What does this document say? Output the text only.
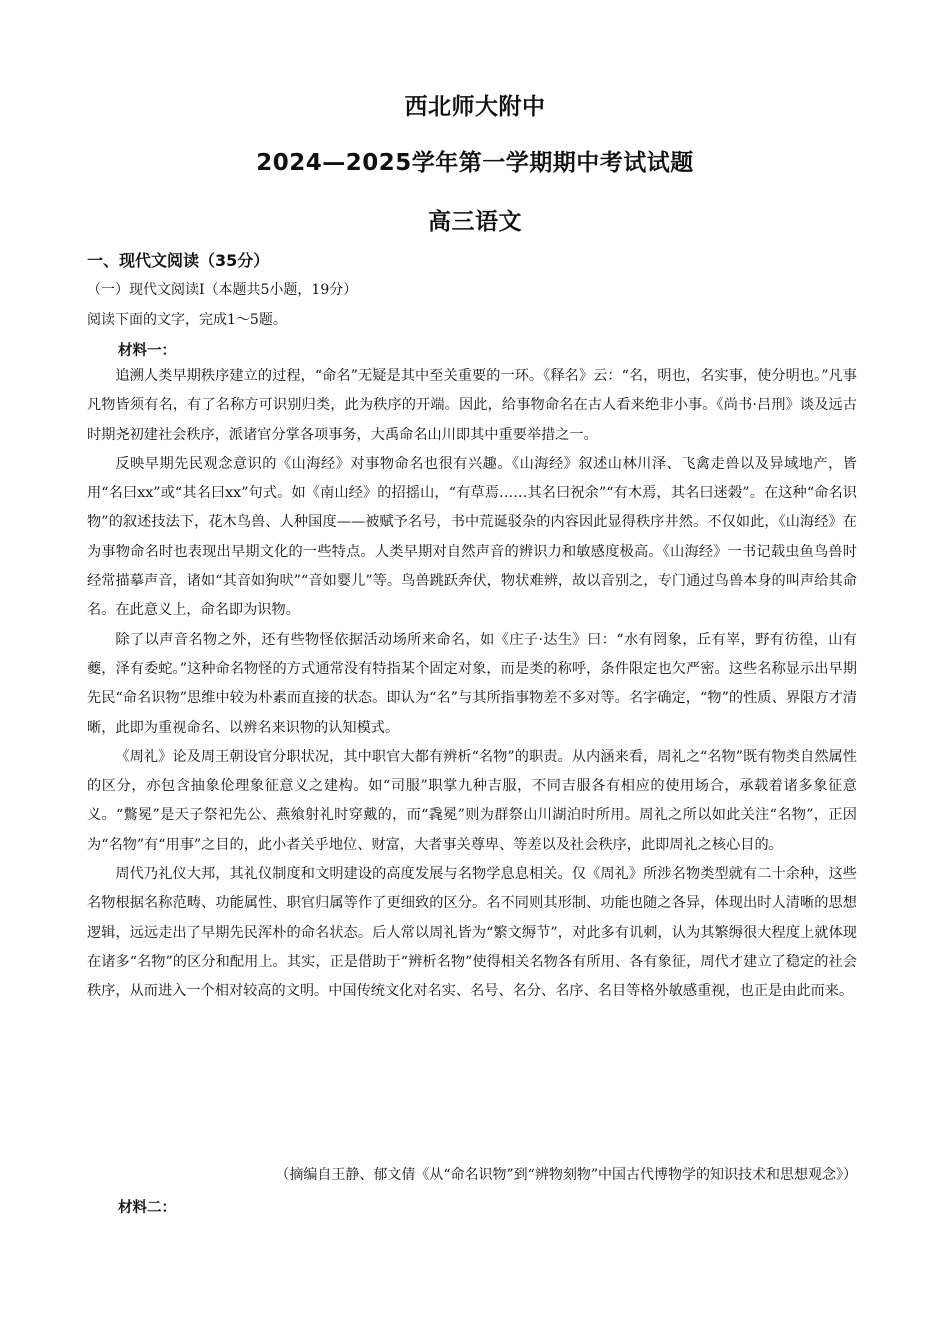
西北师大附中
2024—2025学年第一学期期中考试试题
高三语文
一、现代文阅读（35分）
（一）现代文阅读Ⅰ（本题共5小题，19分）
阅读下面的文字，完成1～5题。
材料一：

追溯人类早期秩序建立的过程，“命名”无疑是其中至关重要的一环。《释名》云：“名，明也，名实事，使分明也。”凡事凡物皆须有名，有了名称方可识别归类，此为秩序的开端。因此，给事物命名在古人看来绝非小事。《尚书·吕刑》谈及远古时期尧初建社会秩序，派诸官分掌各项事务，大禹命名山川即其中重要举措之一。

反映早期先民观念意识的《山海经》对事物命名也很有兴趣。《山海经》叙述山林川泽、飞禽走兽以及异域地产，皆用“名曰xx”或“其名曰xx”句式。如《南山经》的招摇山，“有草焉……其名曰祝余”“有木焉，其名曰迷榖”。在这种“命名识物”的叙述技法下，花木鸟兽、人种国度——被赋予名号，书中荒诞驳杂的内容因此显得秩序井然。不仅如此，《山海经》在为事物命名时也表现出早期文化的一些特点。人类早期对自然声音的辨识力和敏感度极高。《山海经》一书记载虫鱼鸟兽时经常描摹声音，诸如“其音如狗吠”“音如婴儿”等。鸟兽跳跃奔伏，物状难辨，故以音别之，专门通过鸟兽本身的叫声给其命名。在此意义上，命名即为识物。

除了以声音名物之外，还有些物怪依据活动场所来命名，如《庄子·达生》曰：“水有罔象，丘有峷，野有彷徨，山有夔，泽有委蛇。”这种命名物怪的方式通常没有特指某个固定对象，而是类的称呼，条件限定也欠严密。这些名称显示出早期先民“命名识物”思维中较为朴素而直接的状态。即认为“名”与其所指事物差不多对等。名字确定，“物”的性质、界限方才清晰，此即为重视命名、以辨名来识物的认知模式。

《周礼》论及周王朝设官分职状况，其中职官大都有辨析“名物”的职责。从内涵来看，周礼之“名物”既有物类自然属性的区分，亦包含抽象伦理象征意义之建构。如“司服”职掌九种吉服，不同吉服各有相应的使用场合，承载着诸多象征意义。“鷩冕”是天子祭祀先公、燕飨射礼时穿戴的，而“毳冕”则为群祭山川湖泊时所用。周礼之所以如此关注“名物”，正因为“名物”有“用事”之目的，此小者关乎地位、财富，大者事关尊卑、等差以及社会秩序，此即周礼之核心目的。

周代乃礼仪大邦，其礼仪制度和文明建设的高度发展与名物学息息相关。仅《周礼》所涉名物类型就有二十余种，这些名物根据名称范畴、功能属性、职官归属等作了更细致的区分。名不同则其形制、功能也随之各异，体现出时人清晰的思想逻辑，远远走出了早期先民浑朴的命名状态。后人常以周礼皆为“繁文缛节”，对此多有讥刺，认为其繁缛很大程度上就体现在诸多“名物”的区分和配用上。其实，正是借助于“辨析名物”使得相关名物各有所用、各有象征，周代才建立了稳定的社会秩序，从而进入一个相对较高的文明。中国传统文化对名实、名号、名分、名序、名目等格外敏感重视，也正是由此而来。

（摘编自王静、郁文倩《从“命名识物”到“辨物刻物”中国古代博物学的知识技术和思想观念》）
材料二：
